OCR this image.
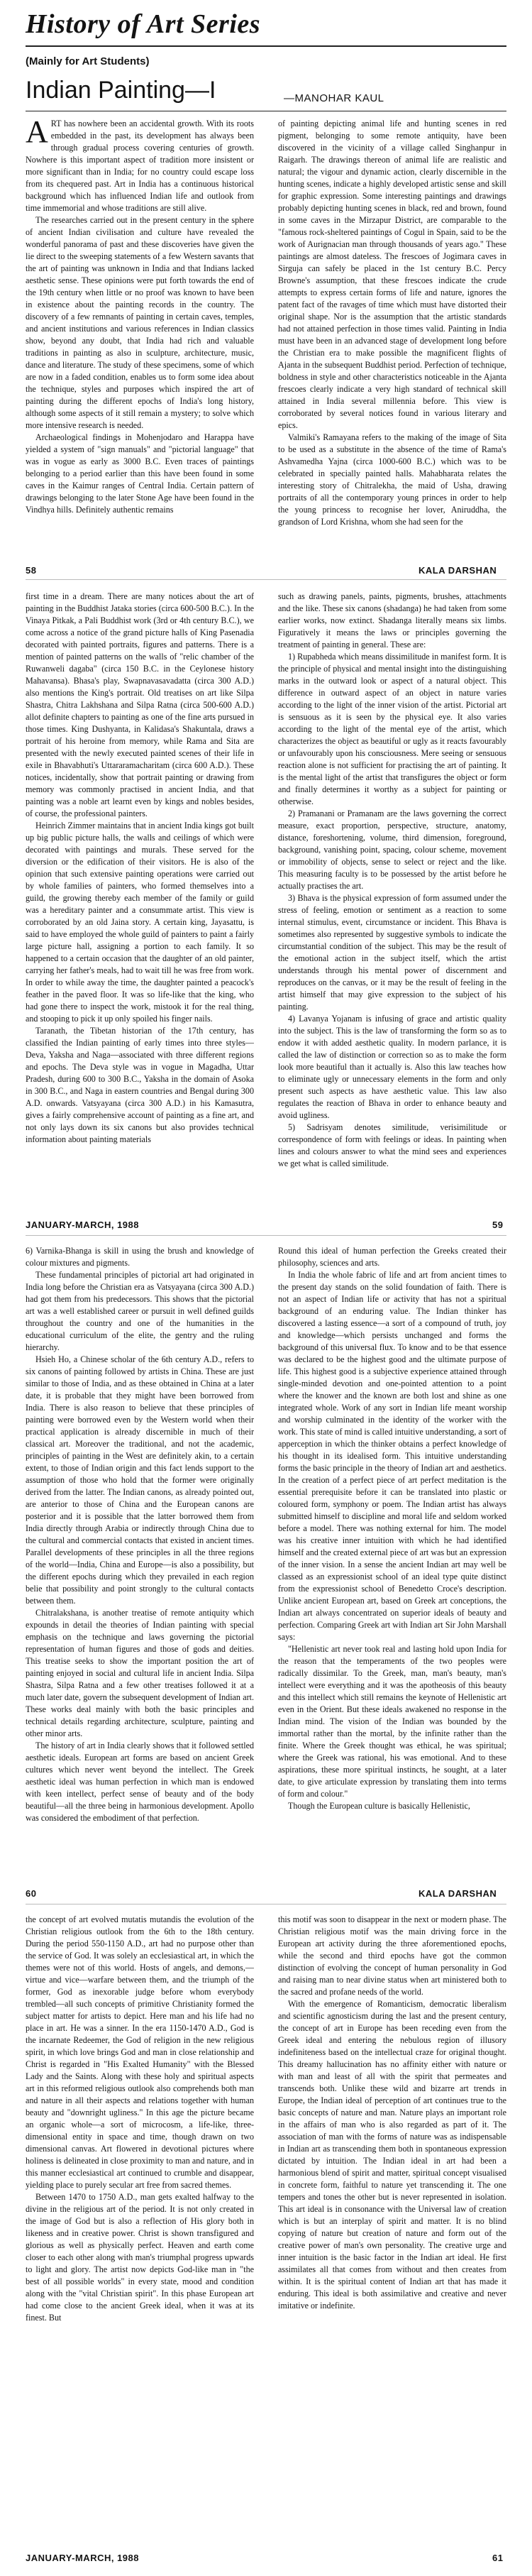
History of Art Series
(Mainly for Art Students)
Indian Painting—I	—MANOHAR KAUL

ART has nowhere been an accidental growth. With its roots embedded in the past, its development has always been through gradual process covering centuries of growth. Nowhere is this important aspect of tradition more insistent or more significant than in India; for no country could escape loss from its chequered past. Art in India has a continuous historical background which has influenced Indian life and outlook from time immemorial and whose traditions are still alive.

The researches carried out in the present century in the sphere of ancient Indian civilisation and culture have revealed the wonderful panorama of past and these discoveries have given the lie direct to the sweeping statements of a few Western savants that the art of painting was unknown in India and that Indians lacked aesthetic sense. These opinions were put forth towards the end of the 19th century when little or no proof was known to have been in existence about the painting records in the country. The discovery of a few remnants of painting in certain caves, temples, and ancient institutions and various references in Indian classics show, beyond any doubt, that India had rich and valuable traditions in painting as also in sculpture, architecture, music, dance and literature. The study of these specimens, some of which are now in a faded condition, enables us to form some idea about the technique, styles and purposes which inspired the art of painting during the different epochs of India's long history, although some aspects of it still remain a mystery; to solve which more intensive research is needed.

Archaeological findings in Mohenjodaro and Harappa have yielded a system of "sign manuals" and "pictorial language" that was in vogue as early as 3000 B.C. Even traces of paintings belonging to a period earlier than this have been found in some caves in the Kaimur ranges of Central India. Certain pattern of drawings belonging to the later Stone Age have been found in the Vindhya hills. Definitely authentic remains

of painting depicting animal life and hunting scenes in red pigment, belonging to some remote antiquity, have been discovered in the vicinity of a village called Singhanpur in Raigarh. The drawings thereon of animal life are realistic and natural; the vigour and dynamic action, clearly discernible in the hunting scenes, indicate a highly developed artistic sense and skill for graphic expression. Some interesting paintings and drawings probably depicting hunting scenes in black, red and brown, found in some caves in the Mirzapur District, are comparable to the "famous rock-sheltered paintings of Cogul in Spain, said to be the work of Aurignacian man through thousands of years ago." These paintings are almost dateless. The frescoes of Jogimara caves in Sirguja can safely be placed in the 1st century B.C. Percy Browne's assumption, that these frescoes indicate the crude attempts to express certain forms of life and nature, ignores the patent fact of the ravages of time which must have distorted their original shape. Nor is the assumption that the artistic standards had not attained perfection in those times valid. Painting in India must have been in an advanced stage of development long before the Christian era to make possible the magnificent flights of Ajanta in the subsequent Buddhist period. Perfection of technique, boldness in style and other characteristics noticeable in the Ajanta frescoes clearly indicate a very high standard of technical skill attained in India several millennia before. This view is corroborated by several notices found in various literary and epics.

Valmiki's Ramayana refers to the making of the image of Sita to be used as a substitute in the absence of the time of Rama's Ashvamedha Yajna (circa 1000-600 B.C.) which was to be celebrated in specially painted halls. Mahabharata relates the interesting story of Chitralekha, the maid of Usha, drawing portraits of all the contemporary young princes in order to help the young princess to recognise her lover, Aniruddha, the grandson of Lord Krishna, whom she had seen for the

58	KALA DARSHAN

first time in a dream. There are many notices about the art of painting in the Buddhist Jataka stories (circa 600-500 B.C.). In the Vinaya Pitkak, a Pali Buddhist work (3rd or 4th century B.C.), we come across a notice of the grand picture halls of King Pasenadia decorated with painted portraits, figures and patterns. There is a mention of painted patterns on the walls of "relic chamber of the Ruwanweli dagaba" (circa 150 B.C. in the Ceylonese history Mahavansa). Bhasa's play, Swapnavasavadatta (circa 300 A.D.) also mentions the King's portrait. Old treatises on art like Silpa Shastra, Chitra Lakhshana and Silpa Ratna (circa 500-600 A.D.) allot definite chapters to painting as one of the fine arts pursued in those times. King Dushyanta, in Kalidasa's Shakuntala, draws a portrait of his heroine from memory, while Rama and Sita are presented with the newly executed painted scenes of their life in exile in Bhavabhuti's Uttararamacharitam (circa 600 A.D.). These notices, incidentally, show that portrait painting or drawing from memory was commonly practised in ancient India, and that painting was a noble art learnt even by kings and nobles besides, of course, the professional painters.

Heinrich Zimmer maintains that in ancient India kings got built up big public picture halls, the walls and ceilings of which were decorated with paintings and murals. These served for the diversion or the edification of their visitors. He is also of the opinion that such extensive painting operations were carried out by whole families of painters, who formed themselves into a guild, the growing thereby each member of the family or guild was a hereditary painter and a consummate artist. This view is corroborated by an old Jaina story. A certain king, Jayasattu, is said to have employed the whole guild of painters to paint a fairly large picture hall, assigning a portion to each family. It so happened to a certain occasion that the daughter of an old painter, carrying her father's meals, had to wait till he was free from work. In order to while away the time, the daughter painted a peacock's feather in the paved floor. It was so life-like that the king, who had gone there to inspect the work, mistook it for the real thing, and stooping to pick it up only spoiled his finger nails.

Taranath, the Tibetan historian of the 17th century, has classified the Indian painting of early times into three styles—Deva, Yaksha and Naga—associated with three different regions and epochs. The Deva style was in vogue in Magadha, Uttar Pradesh, during 600 to 300 B.C., Yaksha in the domain of Asoka in 300 B.C., and Naga in eastern countries and Bengal during 300 A.D. onwards. Vatsyayana (circa 300 A.D.) in his Kamasutra, gives a fairly comprehensive account of painting as a fine art, and not only lays down its six canons but also provides technical information about painting materials

such as drawing panels, paints, pigments, brushes, attachments and the like. These six canons (shadanga) he had taken from some earlier works, now extinct. Shadanga literally means six limbs. Figuratively it means the laws or principles governing the treatment of painting in general. These are:

1) Rupabheda which means dissimilitude in manifest form. It is the principle of physical and mental insight into the distinguishing marks in the outward look or aspect of a natural object. This difference in outward aspect of an object in nature varies according to the light of the inner vision of the artist. Pictorial art is sensuous as it is seen by the physical eye. It also varies according to the light of the mental eye of the artist, which characterizes the object as beautiful or ugly as it reacts favourably or unfavourably upon his consciousness. Mere seeing or sensuous reaction alone is not sufficient for practising the art of painting. It is the mental light of the artist that transfigures the object or form and finally determines it worthy as a subject for painting or otherwise.

2) Pramanani or Pramanam are the laws governing the correct measure, exact proportion, perspective, structure, anatomy, distance, foreshortening, volume, third dimension, foreground, background, vanishing point, spacing, colour scheme, movement or immobility of objects, sense to select or reject and the like. This measuring faculty is to be possessed by the artist before he actually practises the art.

3) Bhava is the physical expression of form assumed under the stress of feeling, emotion or sentiment as a reaction to some internal stimulus, event, circumstance or incident. This Bhava is sometimes also represented by suggestive symbols to indicate the circumstantial condition of the subject. This may be the result of the emotional action in the subject itself, which the artist understands through his mental power of discernment and reproduces on the canvas, or it may be the result of feeling in the artist himself that may give expression to the subject of his painting.

4) Lavanya Yojanam is infusing of grace and artistic quality into the subject. This is the law of transforming the form so as to endow it with added aesthetic quality. In modern parlance, it is called the law of distinction or correction so as to make the form look more beautiful than it actually is. Also this law teaches how to eliminate ugly or unnecessary elements in the form and only present such aspects as have aesthetic value. This law also regulates the reaction of Bhava in order to enhance beauty and avoid ugliness.

5) Sadrisyam denotes similitude, verisimilitude or correspondence of form with feelings or ideas. In painting when lines and colours answer to what the mind sees and experiences we get what is called similitude.

JANUARY-MARCH, 1988	59

6) Varnika-Bhanga is skill in using the brush and knowledge of colour mixtures and pigments.

These fundamental principles of pictorial art had originated in India long before the Christian era as Vatsyayana (circa 300 A.D.) had got them from his predecessors. This shows that the pictorial art was a well established career or pursuit in well defined guilds throughout the country and one of the humanities in the educational curriculum of the elite, the gentry and the ruling hierarchy.

Hsieh Ho, a Chinese scholar of the 6th century A.D., refers to six canons of painting followed by artists in China. These are just similar to those of India, and as these obtained in China at a later date, it is probable that they might have been borrowed from India. There is also reason to believe that these principles of painting were borrowed even by the Western world when their practical application is already discernible in much of their classical art. Moreover the traditional, and not the academic, principles of painting in the West are definitely akin, to a certain extent, to those of Indian origin and this fact lends support to the assumption of those who hold that the former were originally derived from the latter. The Indian canons, as already pointed out, are anterior to those of China and the European canons are posterior and it is possible that the latter borrowed them from India directly through Arabia or indirectly through China due to the cultural and commercial contacts that existed in ancient times. Parallel developments of these principles in all the three regions of the world—India, China and Europe—is also a possibility, but the different epochs during which they prevailed in each region belie that possibility and point strongly to the cultural contacts between them.

Chitralakshana, is another treatise of remote antiquity which expounds in detail the theories of Indian painting with special emphasis on the technique and laws governing the pictorial representation of human figures and those of gods and deities. This treatise seeks to show the important position the art of painting enjoyed in social and cultural life in ancient India. Silpa Shastra, Silpa Ratna and a few other treatises followed it at a much later date, govern the subsequent development of Indian art. These works deal mainly with both the basic principles and technical details regarding architecture, sculpture, painting and other minor arts.

The history of art in India clearly shows that it followed settled aesthetic ideals. European art forms are based on ancient Greek cultures which never went beyond the intellect. The Greek aesthetic ideal was human perfection in which man is endowed with keen intellect, perfect sense of beauty and of the body beautiful—all the three being in harmonious development. Apollo was considered the embodiment of that perfection.

Round this ideal of human perfection the Greeks created their philosophy, sciences and arts.

In India the whole fabric of life and art from ancient times to the present day stands on the solid foundation of faith. There is not an aspect of Indian life or activity that has not a spiritual background of an enduring value. The Indian thinker has discovered a lasting essence—a sort of a compound of truth, joy and knowledge—which persists unchanged and forms the background of this universal flux. To know and to be that essence was declared to be the highest good and the ultimate purpose of life. This highest good is a subjective experience attained through single-minded devotion and one-pointed attention to a point where the knower and the known are both lost and shine as one integrated whole. Work of any sort in Indian life meant worship and worship culminated in the identity of the worker with the work. This state of mind is called intuitive understanding, a sort of apperception in which the thinker obtains a perfect knowledge of his thought in its idealised form. This intuitive understanding forms the basic principle in the theory of Indian art and aesthetics. In the creation of a perfect piece of art perfect meditation is the essential prerequisite before it can be translated into plastic or coloured form, symphony or poem. The Indian artist has always submitted himself to discipline and moral life and seldom worked before a model. There was nothing external for him. The model was his creative inner intuition with which he had identified himself and the created external piece of art was but an expression of the inner vision. In a sense the ancient Indian art may well be classed as an expressionist school of an ideal type quite distinct from the expressionist school of Benedetto Croce's description. Unlike ancient European art, based on Greek art conceptions, the Indian art always concentrated on superior ideals of beauty and perfection. Comparing Greek art with Indian art Sir John Marshall says:

"Hellenistic art never took real and lasting hold upon India for the reason that the temperaments of the two peoples were radically dissimilar. To the Greek, man, man's beauty, man's intellect were everything and it was the apotheosis of this beauty and this intellect which still remains the keynote of Hellenistic art even in the Orient. But these ideals awakened no response in the Indian mind. The vision of the Indian was bounded by the immortal rather than the mortal, by the infinite rather than the finite. Where the Greek thought was ethical, he was spiritual; where the Greek was rational, his was emotional. And to these aspirations, these more spiritual instincts, he sought, at a later date, to give articulate expression by translating them into terms of form and colour."

Though the European culture is basically Hellenistic,

60	KALA DARSHAN

the concept of art evolved mutatis mutandis the evolution of the Christian religious outlook from the 6th to the 18th century. During the period 550-1150 A.D., art had no purpose other than the service of God. It was solely an ecclesiastical art, in which the themes were not of this world. Hosts of angels, and demons,—virtue and vice—warfare between them, and the triumph of the former, God as inexorable judge before whom everybody trembled—all such concepts of primitive Christianity formed the subject matter for artists to depict. Here man and his life had no place in art. He was a sinner. In the era 1150-1470 A.D., God is the incarnate Redeemer, the God of religion in the new religious spirit, in which love brings God and man in close relationship and Christ is regarded in "His Exalted Humanity" with the Blessed Lady and the Saints. Along with these holy and spiritual aspects art in this reformed religious outlook also comprehends both man and nature in all their aspects and relations together with human beauty and "downright ugliness." In this age the picture became an organic whole—a sort of microcosm, a life-like, three-dimensional entity in space and time, though drawn on two dimensional canvas. Art flowered in devotional pictures where holiness is delineated in close proximity to man and nature, and in this manner ecclesiastical art continued to crumble and disappear, yielding place to purely secular art free from sacred themes.

Between 1470 to 1750 A.D., man gets exalted halfway to the divine in the religious art of the period. It is not only created in the image of God but is also a reflection of His glory both in likeness and in creative power. Christ is shown transfigured and glorious as well as physically perfect. Heaven and earth come closer to each other along with man's triumphal progress upwards to light and glory. The artist now depicts God-like man in "the best of all possible worlds" in every state, mood and condition along with the "vital Christian spirit". In this phase European art had come close to the ancient Greek ideal, when it was at its finest. But

this motif was soon to disappear in the next or modern phase. The Christian religious motif was the main driving force in the European art activity during the three aforementioned epochs, while the second and third epochs have got the common distinction of evolving the concept of human personality in God and raising man to near divine status when art ministered both to the sacred and profane needs of the world.

With the emergence of Romanticism, democratic liberalism and scientific agnosticism during the last and the present century, the concept of art in Europe has been receding even from the Greek ideal and entering the nebulous region of illusory indefiniteness based on the intellectual craze for original thought. This dreamy hallucination has no affinity either with nature or with man and least of all with the spirit that permeates and transcends both. Unlike these wild and bizarre art trends in Europe, the Indian ideal of perception of art continues true to the basic concepts of nature and man. Nature plays an important role in the affairs of man who is also regarded as part of it. The association of man with the forms of nature was as indispensable in Indian art as transcending them both in spontaneous expression dictated by intuition. The Indian ideal in art had been a harmonious blend of spirit and matter, spiritual concept visualised in concrete form, faithful to nature yet transcending it. The one tempers and tones the other but is never represented in isolation. This art ideal is in consonance with the Universal law of creation which is but an interplay of spirit and matter. It is no blind copying of nature but creation of nature and form out of the creative power of man's own personality. The creative urge and inner intuition is the basic factor in the Indian art ideal. He first assimilates all that comes from without and then creates from within. It is the spiritual content of Indian art that has made it enduring. This ideal is both assimilative and creative and never imitative or indefinite.

JANUARY-MARCH, 1988	61
